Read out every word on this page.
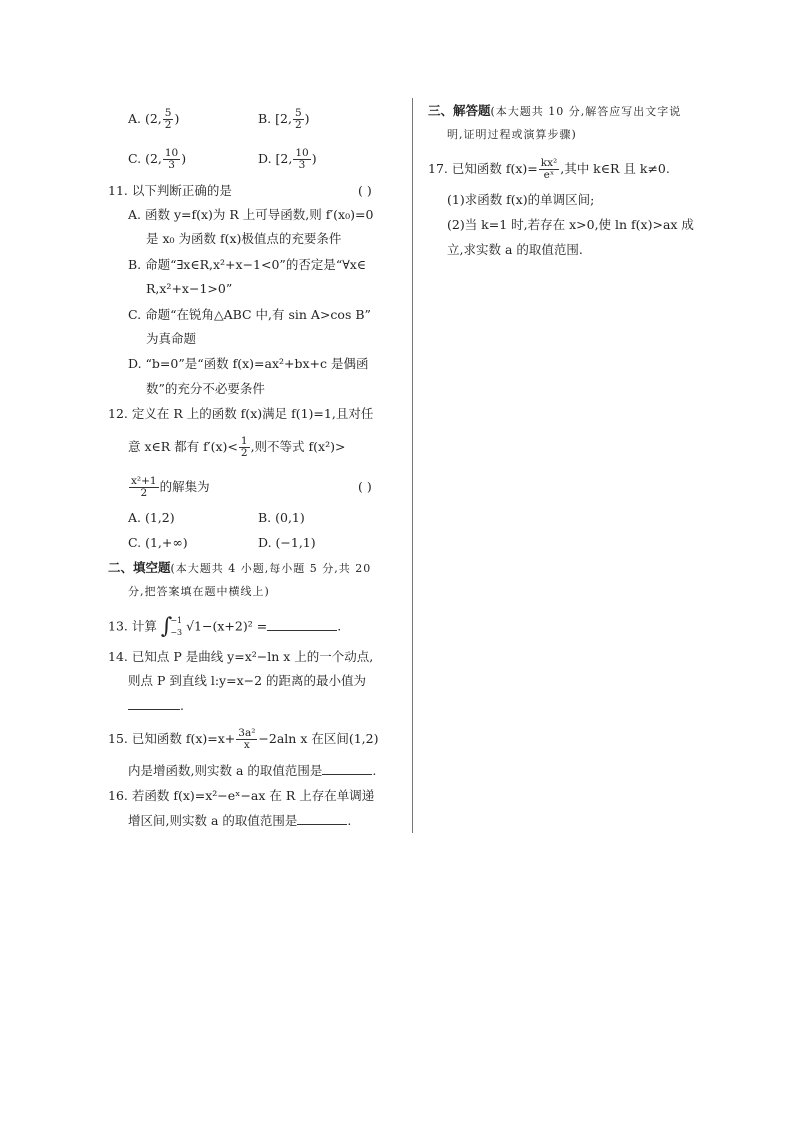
A. (2, $\frac{5}{2}$ )	B. [2, $\frac{5}{2}$ )
C. (2, $\frac{10}{3}$ )	D. [2, $\frac{10}{3}$ )
11. 以下判断正确的是	( )
A. 函数 y=f(x)为 R 上可导函数,则 f′(x₀)=0
是 x₀ 为函数 f(x)极值点的充要条件
B. 命题“∃x∈R,x²+x−1<0”的否定是“∀x∈
R,x²+x−1>0”
C. 命题“在锐角△ABC 中,有 sin A>cos B”
为真命题
D. “b=0”是“函数 f(x)=ax²+bx+c 是偶函
数”的充分不必要条件
12. 定义在 R 上的函数 f(x)满足 f(1)=1,且对任
意 x∈R 都有 $f'(x)< \frac{1}{2}$ ,则不等式 f(x²)>
$\frac{\text{x²+1}}{2}$ 的解集为	( )
A. (1,2)	B. (0,1)
C. (1,+∞)	D. (−1,1)
二、填空题(本大题共 4 小题,每小题 5 分,共 20
分,把答案填在题中横线上)
13. 计算 ∫
−1
−3 √1−(x+2)² =	.
14. 已知点 P 是曲线 y=x²−ln x 上的一个动点,
则点 P 到直线 l:y=x−2 的距离的最小值为
.
15. 已知函数 $f(x)=x+ \frac{\text{3a²}}{x} -2aln$ x 在区间(1,2)
内是增函数,则实数 a 的取值范围是	.
16. 若函数 f(x)=x²−eˣ−ax 在 R 上存在单调递
增区间,则实数 a 的取值范围是	.
三、解答题(本大题共 10 分,解答应写出文字说
明,证明过程或演算步骤)
17. 已知函数 $f(x)= \frac{\text{kx²}}{\text{eˣ}}$ ,其中 k∈R 且 k≠0.
(1)求函数 f(x)的单调区间;
(2)当 k=1 时,若存在 x>0,使 ln f(x)>ax 成
立,求实数 a 的取值范围.
